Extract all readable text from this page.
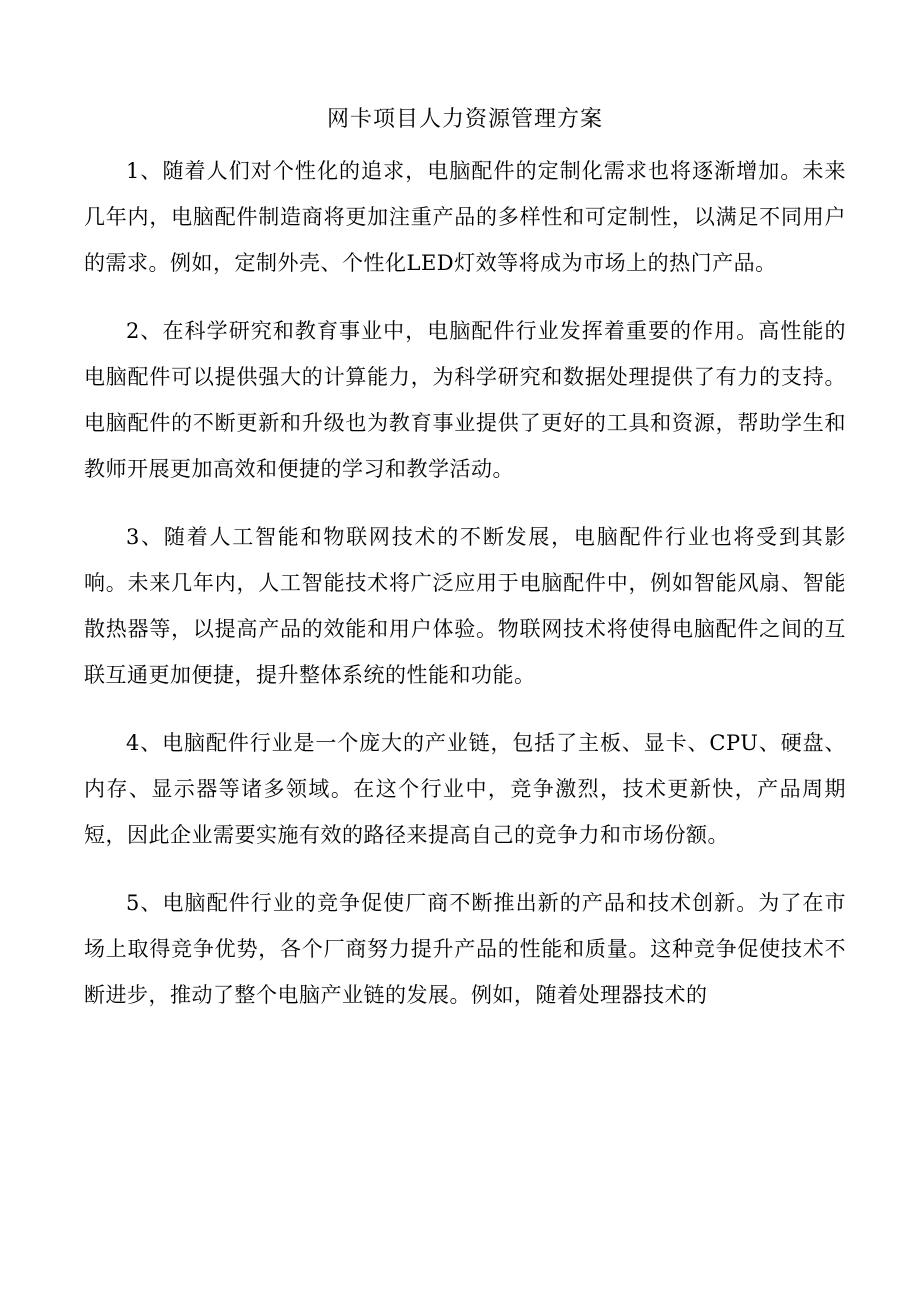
网卡项目人力资源管理方案

1、随着人们对个性化的追求，电脑配件的定制化需求也将逐渐增加。未来几年内，电脑配件制造商将更加注重产品的多样性和可定制性，以满足不同用户的需求。例如，定制外壳、个性化LED灯效等将成为市场上的热门产品。

2、在科学研究和教育事业中，电脑配件行业发挥着重要的作用。高性能的电脑配件可以提供强大的计算能力，为科学研究和数据处理提供了有力的支持。电脑配件的不断更新和升级也为教育事业提供了更好的工具和资源，帮助学生和教师开展更加高效和便捷的学习和教学活动。

3、随着人工智能和物联网技术的不断发展，电脑配件行业也将受到其影响。未来几年内，人工智能技术将广泛应用于电脑配件中，例如智能风扇、智能散热器等，以提高产品的效能和用户体验。物联网技术将使得电脑配件之间的互联互通更加便捷，提升整体系统的性能和功能。

4、电脑配件行业是一个庞大的产业链，包括了主板、显卡、CPU、硬盘、内存、显示器等诸多领域。在这个行业中，竞争激烈，技术更新快，产品周期短，因此企业需要实施有效的路径来提高自己的竞争力和市场份额。

5、电脑配件行业的竞争促使厂商不断推出新的产品和技术创新。为了在市场上取得竞争优势，各个厂商努力提升产品的性能和质量。这种竞争促使技术不断进步，推动了整个电脑产业链的发展。例如，随着处理器技术的
